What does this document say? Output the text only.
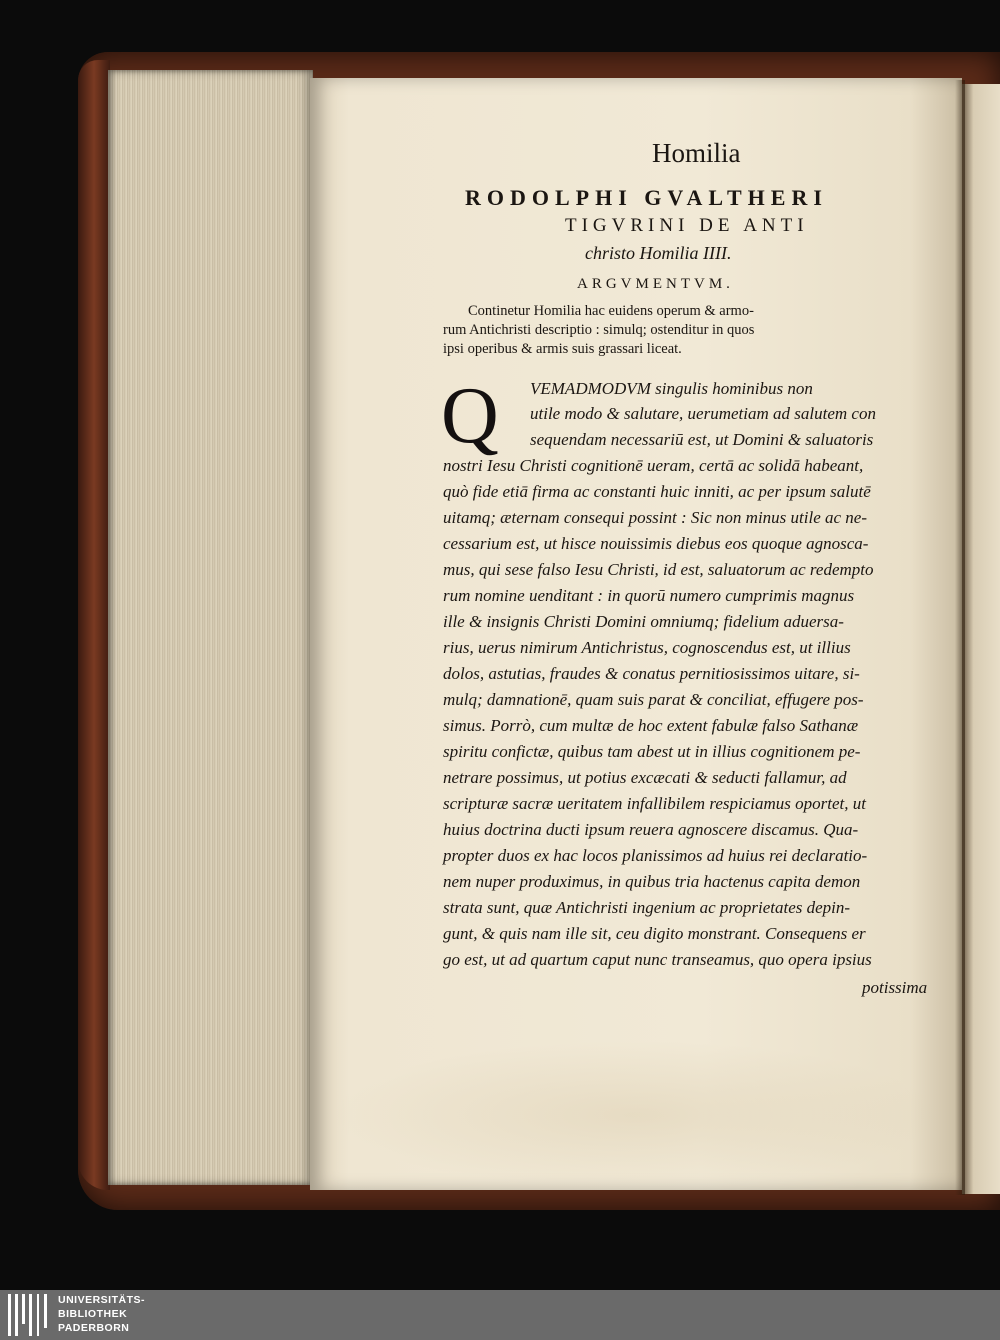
Homilia
RODOLPHI GVALTHERI
TIGVRINI DE ANTI
christo Homilia IIII.
ARGVMENTVM.
Continetur Homilia hac euidens operum & armo-
rum Antichristi descriptio : simulq; ostenditur in quos
ipsi operibus & armis suis grassari liceat.
Q VEMADMODVM singulis hominibus non
utile modo & salutare, uerumetiam ad salutem con
sequendam necessariū est, ut Domini & saluatoris
nostri Iesu Christi cognitionē ueram, certā ac solidā habeant,
quò fide etiā firma ac constanti huic inniti, ac per ipsum salutē
uitamq; æternam consequi possint : Sic non minus utile ac ne-
cessarium est, ut hisce nouissimis diebus eos quoque agnosca-
mus, qui sese falso Iesu Christi, id est, saluatorum ac redempto
rum nomine uenditant : in quorū numero cumprimis magnus
ille & insignis Christi Domini omniumq; fidelium aduersa-
rius, uerus nimirum Antichristus, cognoscendus est, ut illius
dolos, astutias, fraudes & conatus pernitiosissimos uitare, si-
mulq; damnationē, quam suis parat & conciliat, effugere pos-
simus. Porrò, cum multæ de hoc extent fabulæ falso Sathanæ
spiritu confictæ, quibus tam abest ut in illius cognitionem pe-
netrare possimus, ut potius excæcati & seducti fallamur, ad
scripturæ sacræ ueritatem infallibilem respiciamus oportet, ut
huius doctrina ducti ipsum reuera agnoscere discamus. Qua-
propter duos ex hac locos planissimos ad huius rei declaratio-
nem nuper produximus, in quibus tria hactenus capita demon
strata sunt, quæ Antichristi ingenium ac proprietates depin-
gunt, & quis nam ille sit, ceu digito monstrant. Consequens er
go est, ut ad quartum caput nunc transeamus, quo opera ipsius
potissima
UNIVERSITÄTS-
BIBLIOTHEK
PADERBORN
